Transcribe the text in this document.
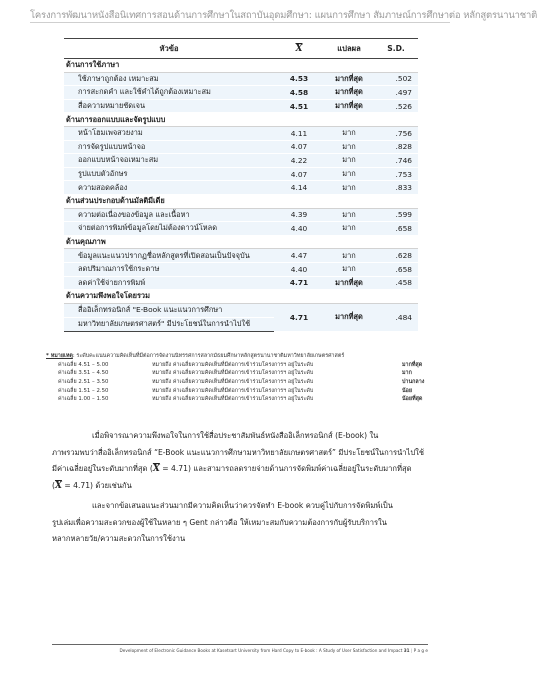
โครงการพัฒนาหนังสือนิเทศการสอนด้านการศึกษาในสถาบันอุดมศึกษา: แผนการศึกษา สัมภาษณ์การศึกษาต่อ หลักสูตรนานาชาติ
หัวข้อ	$\overline{X}$	แปลผล	S.D.
ด้านการใช้ภาษา			
ใช้ภาษาถูกต้อง เหมาะสม	4.53	มากที่สุด	.502
การสะกดคำ และใช้คำได้ถูกต้องเหมาะสม	4.58	มากที่สุด	.497
สื่อความหมายชัดเจน	4.51	มากที่สุด	.526
ด้านการออกแบบและจัดรูปแบบ			
หน้าโฮมเพจสวยงาม	4.11	มาก	.756
การจัดรูปแบบหน้าจอ	4.07	มาก	.828
ออกแบบหน้าจอเหมาะสม	4.22	มาก	.746
รูปแบบตัวอักษร	4.07	มาก	.753
ความสอดคล้อง	4.14	มาก	.833
ด้านส่วนประกอบด้านมัลติมีเดีย			
ความต่อเนื่องของข้อมูล และเนื้อหา	4.39	มาก	.599
จ่ายต่อการพิมพ์ข้อมูลโดยไม่ต้องดาวน์โหลด	4.40	มาก	.658
ด้านคุณภาพ			
ข้อมูลแนะแนวปรากฏชื่อหลักสูตรที่เปิดสอนเป็นปัจจุบัน	4.47	มาก	.628
ลดปริมาณการใช้กระดาษ	4.40	มาก	.658
ลดค่าใช้จ่ายการพิมพ์	4.71	มากที่สุด	.458
ด้านความพึงพอใจโดยรวม			
สื่ออิเล็กทรอนิกส์ "E-Book แนะแนวการศึกษา	4.71	มากที่สุด	.484
มหาวิทยาลัยเกษตรศาสตร์" มีประโยชน์ในการนำไปใช้			
* หมายเหตุ : ระดับคะแนนความคิดเห็นที่มีต่อการจัดงานนิทรรศการสลากมัธยมศึกษาหลักสูตรนานาชาติมหาวิทยาลัยเกษตรศาสตร์
ค่าเฉลี่ย 4.51 – 5.00	หมายถึง ค่าเฉลี่ยความคิดเห็นที่มีต่อการเข้าร่วมโครงการฯ อยู่ในระดับ	มากที่สุด
ค่าเฉลี่ย 3.51 – 4.50	หมายถึง ค่าเฉลี่ยความคิดเห็นที่มีต่อการเข้าร่วมโครงการฯ อยู่ในระดับ	มาก
ค่าเฉลี่ย 2.51 – 3.50	หมายถึง ค่าเฉลี่ยความคิดเห็นที่มีต่อการเข้าร่วมโครงการฯ อยู่ในระดับ	ปานกลาง
ค่าเฉลี่ย 1.51 – 2.50	หมายถึง ค่าเฉลี่ยความคิดเห็นที่มีต่อการเข้าร่วมโครงการฯ อยู่ในระดับ	น้อย
ค่าเฉลี่ย 1.00 – 1.50	หมายถึง ค่าเฉลี่ยความคิดเห็นที่มีต่อการเข้าร่วมโครงการฯ อยู่ในระดับ	น้อยที่สุด

เมื่อพิจารณาความพึงพอใจในการใช้สื่อประชาสัมพันธ์หนังสืออิเล็กทรอนิกส์ (E-book) ใน

ภาพรวมพบว่าสื่ออิเล็กทรอนิกส์ “E-Book แนะแนวการศึกษามหาวิทยาลัยเกษตรศาสตร์” มีประโยชน์ในการนำไปใช้

มีค่าเฉลี่ยอยู่ในระดับมากที่สุด $(\overline{X} = 4.71)$ และสามารถลดรายจ่ายด้านการจัดพิมพ์ค่าเฉลี่ยอยู่ในระดับมากที่สุด

$(\overline{X} = 4.71)$ ด้วยเช่นกัน

และจากข้อเสนอแนะส่วนมากมีความคิดเห็นว่าควรจัดทำ E-book ควบคู่ไปกับการจัดพิมพ์เป็น

รูปเล่มเพื่อความสะดวกของผู้ใช้ในหลาย ๆ Gent กล่าวคือ ให้เหมาะสมกับความต้องการกับผู้รับบริการใน

หลากหลายวัย/ความสะดวกในการใช้งาน

Development of Electronic Guidance Books at Kasetsart University from Hard Copy to E-book : A Study of User Satisfaction and Impact 31 | P a g e
